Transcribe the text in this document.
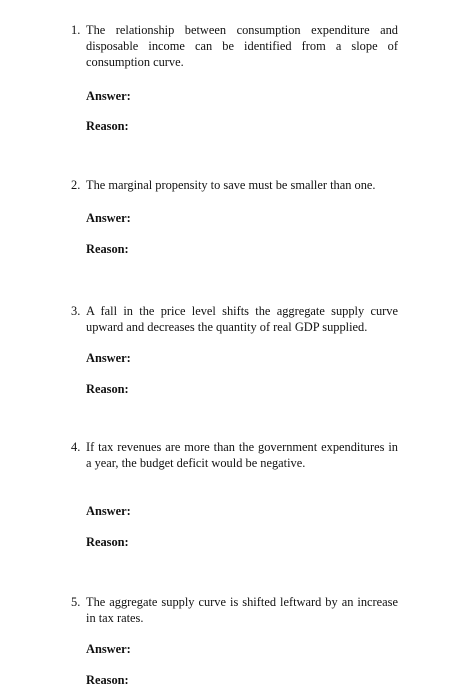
1. The relationship between consumption expenditure and disposable income can be identified from a slope of consumption curve.
Answer:
Reason:
2. The marginal propensity to save must be smaller than one.
Answer:
Reason:
3. A fall in the price level shifts the aggregate supply curve upward and decreases the quantity of real GDP supplied.
Answer:
Reason:
4. If tax revenues are more than the government expenditures in a year, the budget deficit would be negative.
Answer:
Reason:
5. The aggregate supply curve is shifted leftward by an increase in tax rates.
Answer:
Reason:
